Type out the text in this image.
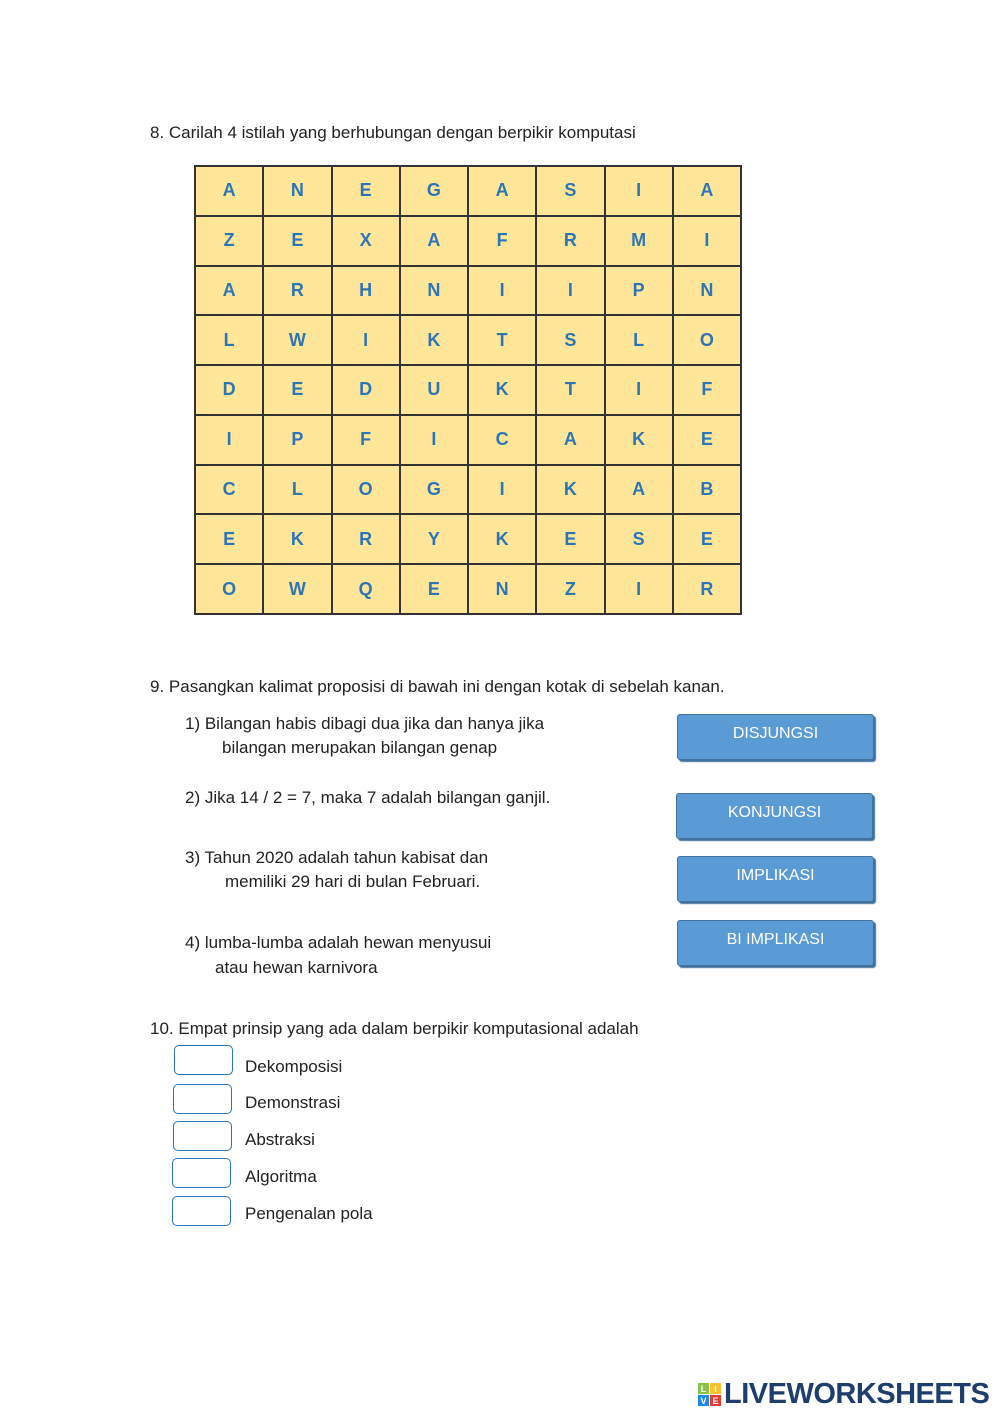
8. Carilah 4 istilah yang berhubungan dengan berpikir komputasi
A	N	E	G	A	S	I	A
Z	E	X	A	F	R	M	I
A	R	H	N	I	I	P	N
L	W	I	K	T	S	L	O
D	E	D	U	K	T	I	F
I	P	F	I	C	A	K	E
C	L	O	G	I	K	A	B
E	K	R	Y	K	E	S	E
O	W	Q	E	N	Z	I	R
9. Pasangkan kalimat proposisi di bawah ini dengan kotak di sebelah kanan.
1) Bilangan habis dibagi dua jika dan hanya jika
bilangan merupakan bilangan genap
2) Jika 14 / 2 = 7, maka 7 adalah bilangan ganjil.
3) Tahun 2020 adalah tahun kabisat dan
memiliki 29 hari di bulan Februari.
4) lumba-lumba adalah hewan menyusui
atau hewan karnivora
DISJUNGSI
KONJUNGSI
IMPLIKASI
BI IMPLIKASI
10. Empat prinsip yang ada dalam berpikir komputasional adalah
Dekomposisi
Demonstrasi
Abstraksi
Algoritma
Pengenalan pola
L I
V E LIVEWORKSHEETS
